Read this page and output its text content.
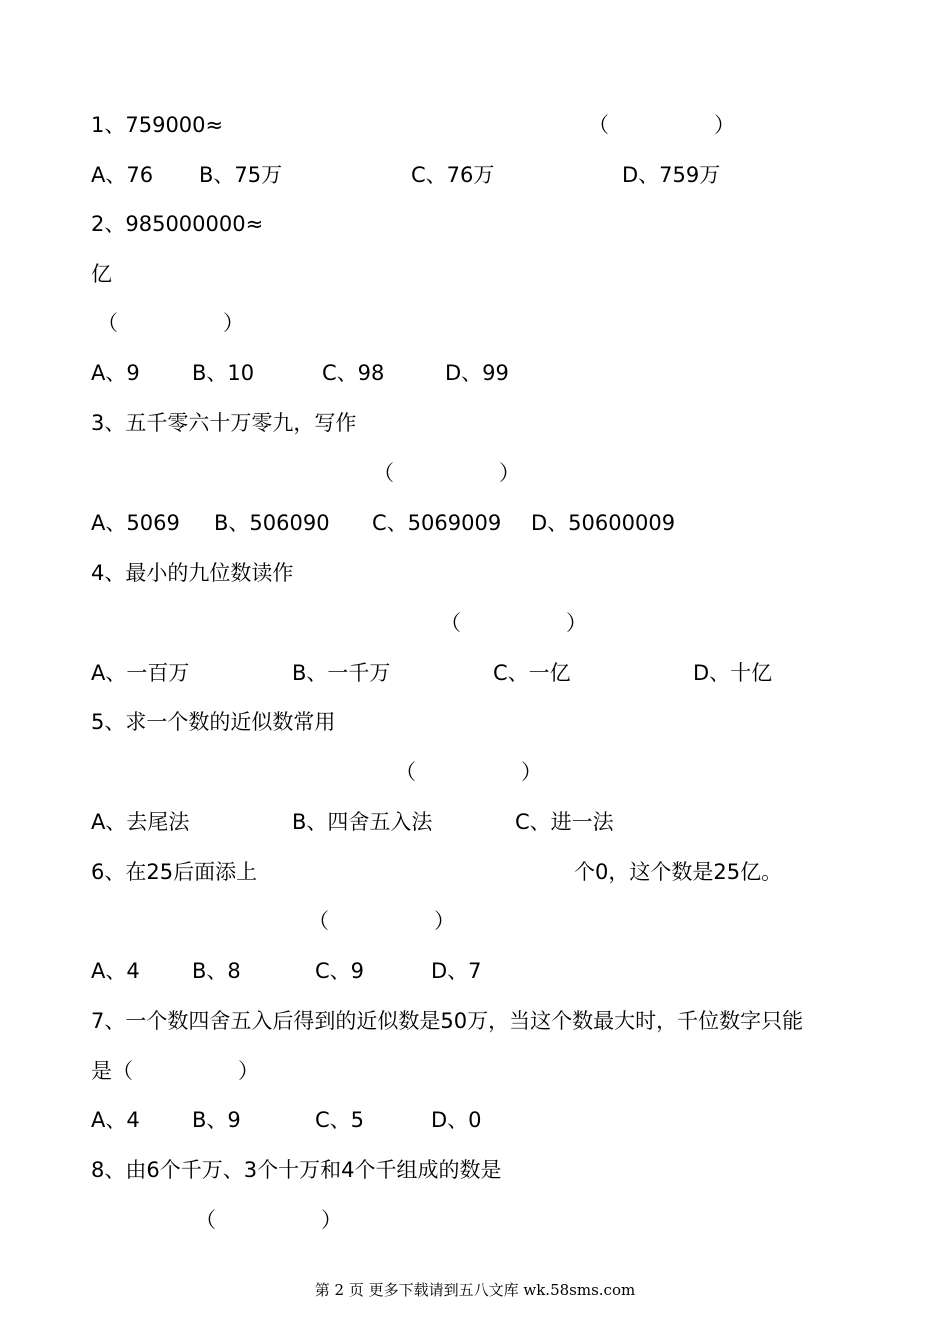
1、759000≈	（　　　　　）
A、76 B、75万	C、76万	D、759万
2、985000000≈
亿
（　　　　　）
A、9 B、10	C、98	D、99
3、五千零六十万零九，写作
（　　　　　）
A、5069 B、506090 C、5069009 D、50600009
4、最小的九位数读作
（　　　　　）
A、一百万	B、一千万	C、一亿	D、十亿
5、求一个数的近似数常用
（　　　　　）
A、去尾法	B、四舍五入法	C、进一法
6、在25后面添上	个0，这个数是25亿。
（　　　　　）
A、4 B、8	C、9	D、7
7、一个数四舍五入后得到的近似数是50万，当这个数最大时，千位数字只能
是（　　　　　）
A、4 B、9	C、5	D、0
8、由6个千万、3个十万和4个千组成的数是
（　　　　　）
第 2 页 更多下载请到五八文库 wk.58sms.com
